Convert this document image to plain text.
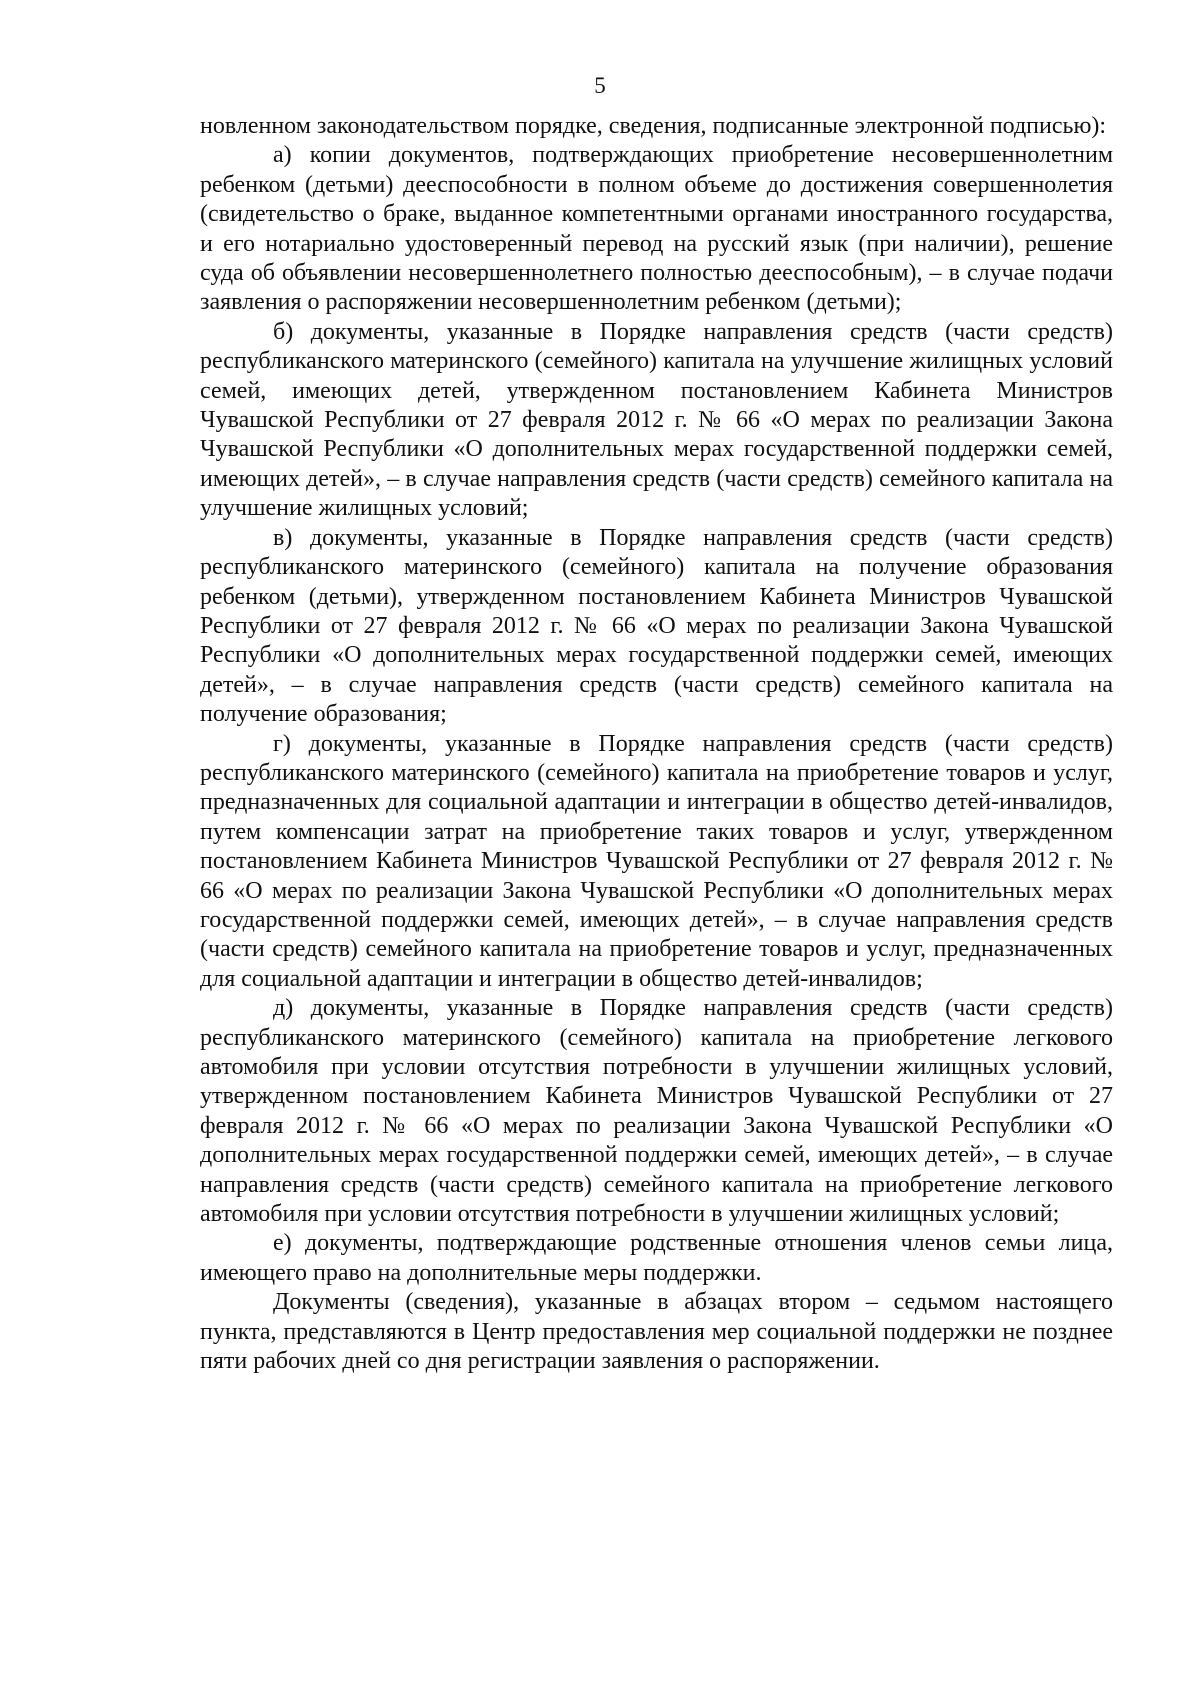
5

новленном законодательством порядке, сведения, подписанные электронной подписью):

а) копии документов, подтверждающих приобретение несовершеннолетним ребенком (детьми) дееспособности в полном объеме до достижения совершеннолетия (свидетельство о браке, выданное компетентными органами иностранного государства, и его нотариально удостоверенный перевод на русский язык (при наличии), решение суда об объявлении несовершеннолетнего полностью дееспособным), – в случае подачи заявления о распоряжении несовершеннолетним ребенком (детьми);

б) документы, указанные в Порядке направления средств (части средств) республиканского материнского (семейного) капитала на улучшение жилищных условий семей, имеющих детей, утвержденном постановлением Кабинета Министров Чувашской Республики от 27 февраля 2012 г. № 66 «О мерах по реализации Закона Чувашской Республики «О дополнительных мерах государственной поддержки семей, имеющих детей», – в случае направления средств (части средств) семейного капитала на улучшение жилищных условий;

в) документы, указанные в Порядке направления средств (части средств) республиканского материнского (семейного) капитала на получение образования ребенком (детьми), утвержденном постановлением Кабинета Министров Чувашской Республики от 27 февраля 2012 г. № 66 «О мерах по реализации Закона Чувашской Республики «О дополнительных мерах государственной поддержки семей, имеющих детей», – в случае направления средств (части средств) семейного капитала на получение образования;

г) документы, указанные в Порядке направления средств (части средств) республиканского материнского (семейного) капитала на приобретение товаров и услуг, предназначенных для социальной адаптации и интеграции в общество детей-инвалидов, путем компенсации затрат на приобретение таких товаров и услуг, утвержденном постановлением Кабинета Министров Чувашской Республики от 27 февраля 2012 г. № 66 «О мерах по реализации Закона Чувашской Республики «О дополнительных мерах государственной поддержки семей, имеющих детей», – в случае направления средств (части средств) семейного капитала на приобретение товаров и услуг, предназначенных для социальной адаптации и интеграции в общество детей-инвалидов;

д) документы, указанные в Порядке направления средств (части средств) республиканского материнского (семейного) капитала на приобретение легкового автомобиля при условии отсутствия потребности в улучшении жилищных условий, утвержденном постановлением Кабинета Министров Чувашской Республики от 27 февраля 2012 г. № 66 «О мерах по реализации Закона Чувашской Республики «О дополнительных мерах государственной поддержки семей, имеющих детей», – в случае направления средств (части средств) семейного капитала на приобретение легкового автомобиля при условии отсутствия потребности в улучшении жилищных условий;

е) документы, подтверждающие родственные отношения членов семьи лица, имеющего право на дополнительные меры поддержки.

Документы (сведения), указанные в абзацах втором – седьмом настоящего пункта, представляются в Центр предоставления мер социальной поддержки не позднее пяти рабочих дней со дня регистрации заявления о распоряжении.
